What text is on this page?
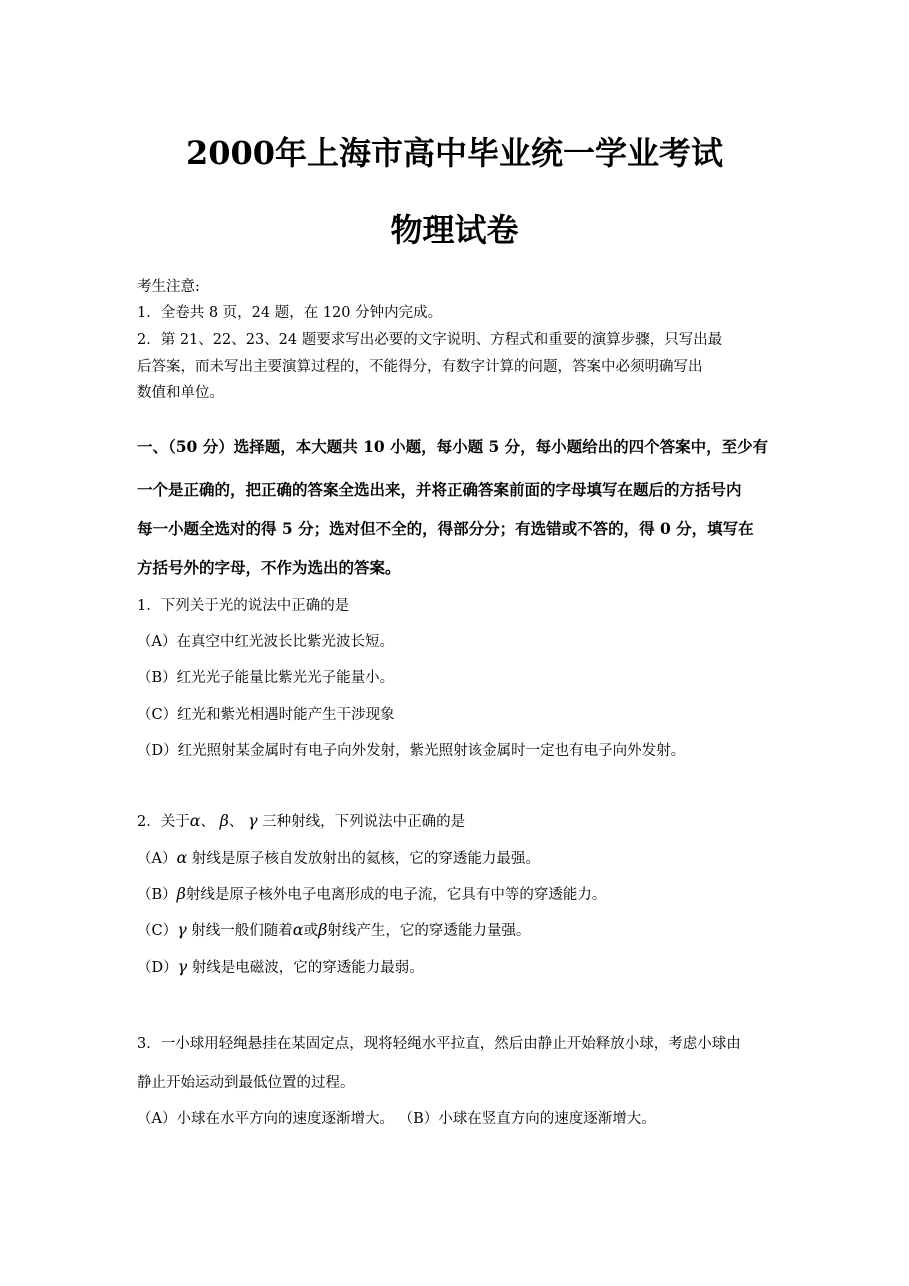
2000年上海市高中毕业统一学业考试
物理试卷
考生注意:
1．全卷共 8 页，24 题，在 120 分钟内完成。
2．第 21、22、23、24 题要求写出必要的文字说明、方程式和重要的演算步骤，只写出最
后答案，而未写出主要演算过程的，不能得分，有数字计算的问题，答案中必须明确写出
数值和单位。
一、（50 分）选择题，本大题共 10 小题，每小题 5 分，每小题给出的四个答案中，至少有
一个是正确的，把正确的答案全选出来，并将正确答案前面的字母填写在题后的方括号内
每一小题全选对的得 5 分；选对但不全的，得部分分；有选错或不答的，得 0 分，填写在
方括号外的字母，不作为选出的答案。
1．下列关于光的说法中正确的是
（A）在真空中红光波长比紫光波长短。
（B）红光光子能量比紫光光子能量小。
（C）红光和紫光相遇时能产生干涉现象
（D）红光照射某金属时有电子向外发射，紫光照射该金属时一定也有电子向外发射。
2．关于α、 β、 γ 三种射线，下列说法中正确的是
（A）α 射线是原子核自发放射出的氦核，它的穿透能力最强。
（B）β射线是原子核外电子电离形成的电子流，它具有中等的穿透能力。
（C）γ 射线一般们随着α或β射线产生，它的穿透能力量强。
（D）γ 射线是电磁波，它的穿透能力最弱。
3．一小球用轻绳悬挂在某固定点，现将轻绳水平拉直，然后由静止开始释放小球，考虑小球由
静止开始运动到最低位置的过程。
（A）小球在水平方向的速度逐渐增大。 （B）小球在竖直方向的速度逐渐增大。
